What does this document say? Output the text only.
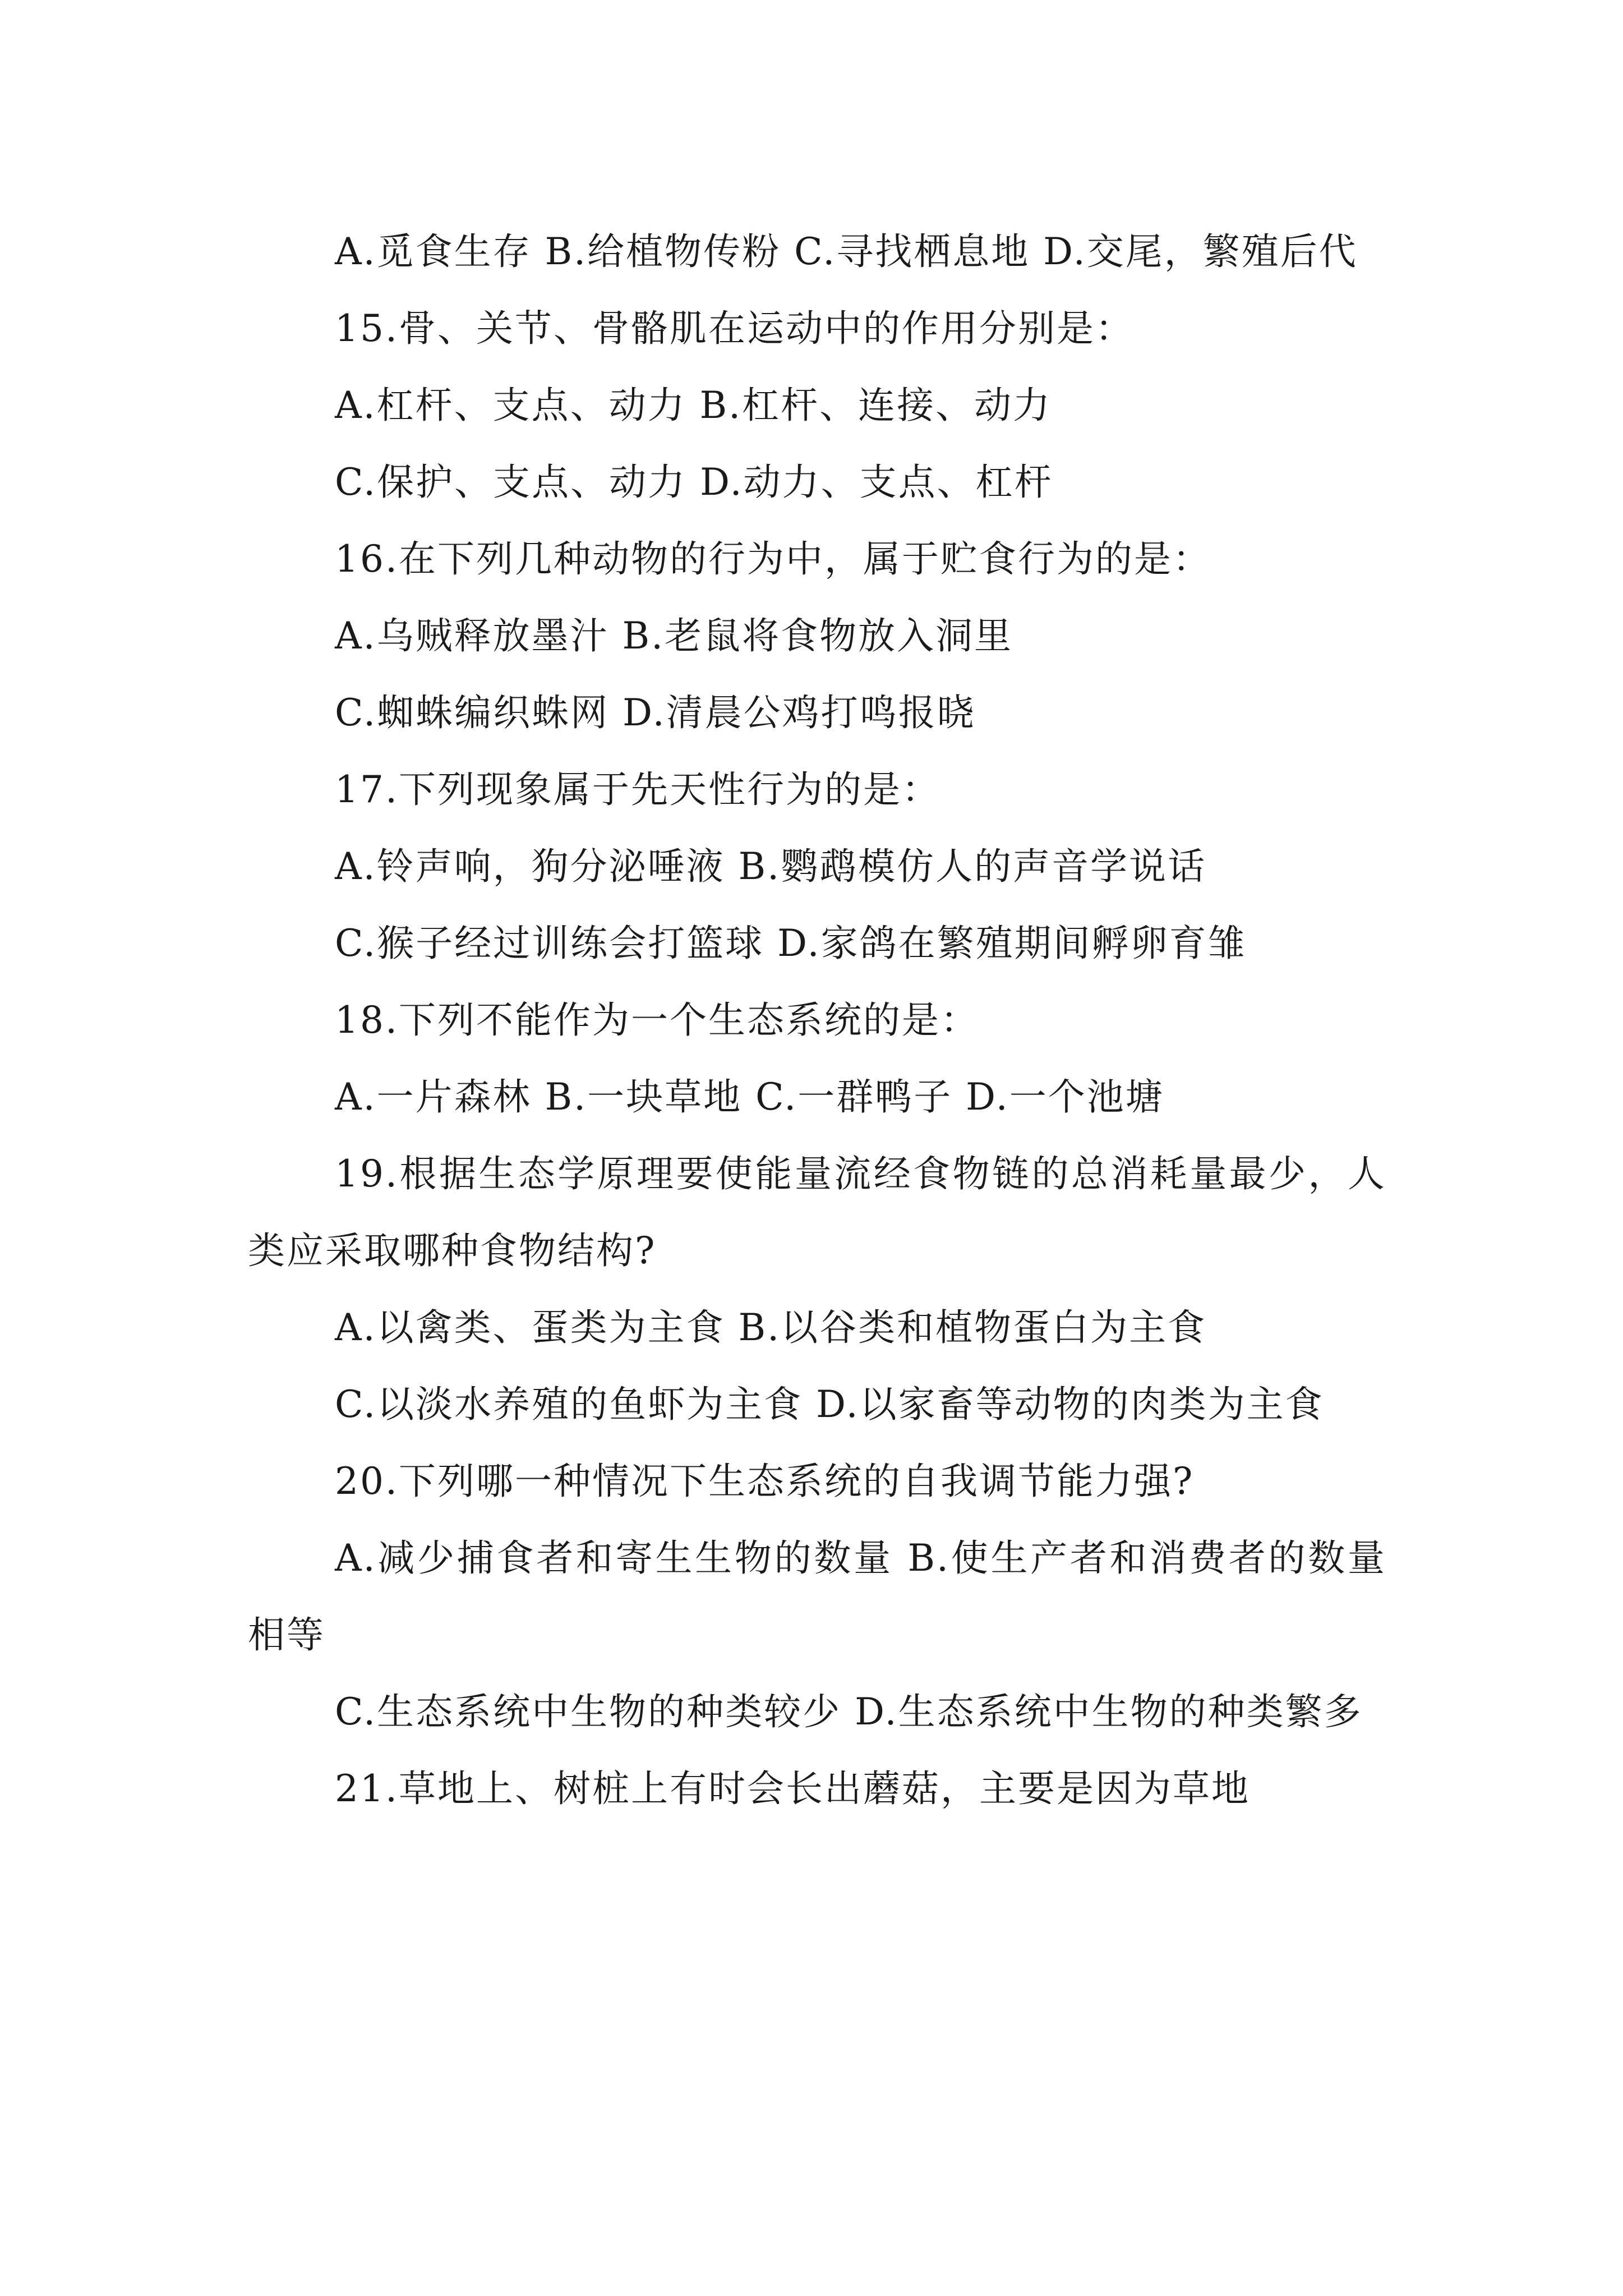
A.觅食生存 B.给植物传粉 C.寻找栖息地 D.交尾，繁殖后代

15.骨、关节、骨骼肌在运动中的作用分别是：

A.杠杆、支点、动力 B.杠杆、连接、动力

C.保护、支点、动力 D.动力、支点、杠杆

16.在下列几种动物的行为中，属于贮食行为的是：

A.乌贼释放墨汁 B.老鼠将食物放入洞里

C.蜘蛛编织蛛网 D.清晨公鸡打鸣报晓

17.下列现象属于先天性行为的是：

A.铃声响，狗分泌唾液 B.鹦鹉模仿人的声音学说话

C.猴子经过训练会打篮球 D.家鸽在繁殖期间孵卵育雏

18.下列不能作为一个生态系统的是：

A.一片森林 B.一块草地 C.一群鸭子 D.一个池塘

19.根据生态学原理要使能量流经食物链的总消耗量最少，人类应采取哪种食物结构?

A.以禽类、蛋类为主食 B.以谷类和植物蛋白为主食

C.以淡水养殖的鱼虾为主食 D.以家畜等动物的肉类为主食

20.下列哪一种情况下生态系统的自我调节能力强?

A.减少捕食者和寄生生物的数量 B.使生产者和消费者的数量相等

C.生态系统中生物的种类较少 D.生态系统中生物的种类繁多

21.草地上、树桩上有时会长出蘑菇，主要是因为草地
